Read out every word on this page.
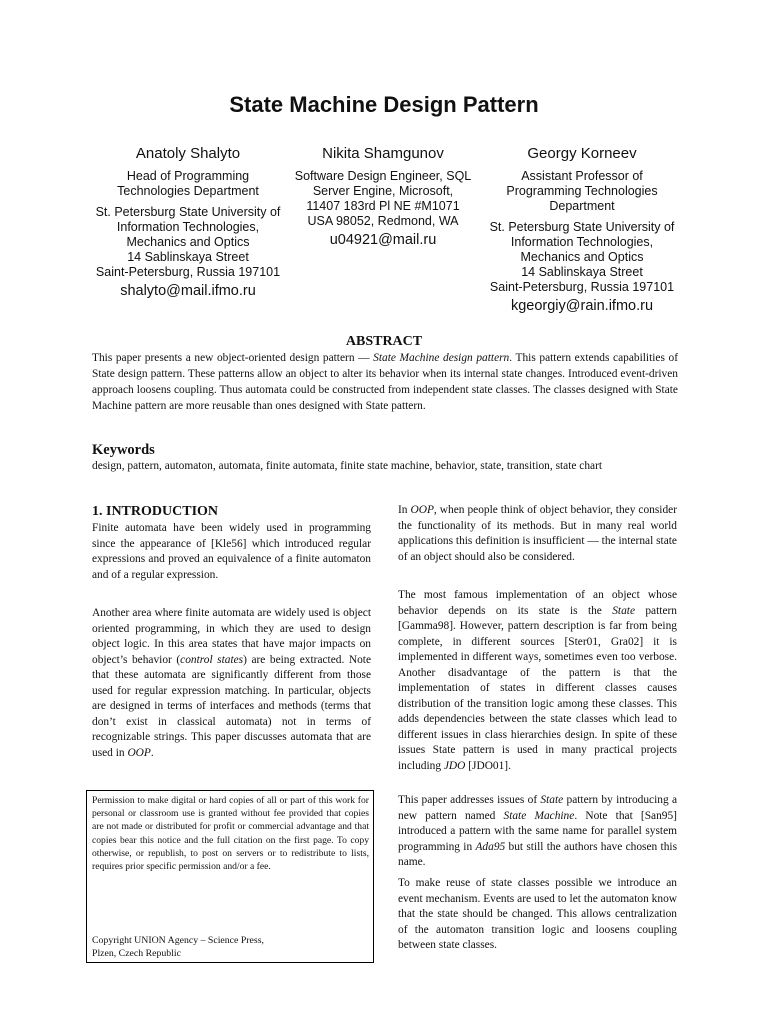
State Machine Design Pattern
Anatoly Shalyto
Head of Programming
Technologies Department
St. Petersburg State University of
Information Technologies,
Mechanics and Optics
14 Sablinskaya Street
Saint-Petersburg, Russia 197101
shalyto@mail.ifmo.ru
Nikita Shamgunov
Software Design Engineer, SQL
Server Engine, Microsoft,
11407 183rd Pl NE #M1071
USA 98052, Redmond, WA
u04921@mail.ru
Georgy Korneev
Assistant Professor of
Programming Technologies
Department
St. Petersburg State University of
Information Technologies,
Mechanics and Optics
14 Sablinskaya Street
Saint-Petersburg, Russia 197101
kgeorgiy@rain.ifmo.ru
ABSTRACT

This paper presents a new object-oriented design pattern — State Machine design pattern. This pattern extends capabilities of State design pattern. These patterns allow an object to alter its behavior when its internal state changes. Introduced event-driven approach loosens coupling. Thus automata could be constructed from independent state classes. The classes designed with State Machine pattern are more reusable than ones designed with State pattern.

Keywords

design, pattern, automaton, automata, finite automata, finite state machine, behavior, state, transition, state chart

1. INTRODUCTION

Finite automata have been widely used in programming since the appearance of [Kle56] which introduced regular expressions and proved an equivalence of a finite automaton and of a regular expression.

Another area where finite automata are widely used is object oriented programming, in which they are used to design object logic. In this area states that have major impacts on object’s behavior (control states) are being extracted. Note that these automata are significantly different from those used for regular expression matching. In particular, objects are designed in terms of interfaces and methods (terms that don’t exist in classical automata) not in terms of recognizable strings. This paper discusses automata that are used in OOP.

In OOP, when people think of object behavior, they consider the functionality of its methods. But in many real world applications this definition is insufficient — the internal state of an object should also be considered.

The most famous implementation of an object whose behavior depends on its state is the State pattern [Gamma98]. However, pattern description is far from being complete, in different sources [Ster01, Gra02] it is implemented in different ways, sometimes even too verbose. Another disadvantage of the pattern is that the implementation of states in different classes causes distribution of the transition logic among these classes. This adds dependencies between the state classes which lead to different issues in class hierarchies design. In spite of these issues State pattern is used in many practical projects including JDO [JDO01].

This paper addresses issues of State pattern by introducing a new pattern named State Machine. Note that [San95] introduced a pattern with the same name for parallel system programming in Ada95 but still the authors have chosen this name.

To make reuse of state classes possible we introduce an event mechanism. Events are used to let the automaton know that the state should be changed. This allows centralization of the automaton transition logic and loosens coupling between state classes.

Permission to make digital or hard copies of all or part of this work for personal or classroom use is granted without fee provided that copies are not made or distributed for profit or commercial advantage and that copies bear this notice and the full citation on the first page. To copy otherwise, or republish, to post on servers or to redistribute to lists, requires prior specific permission and/or a fee.

Copyright UNION Agency – Science Press,
Plzen, Czech Republic
